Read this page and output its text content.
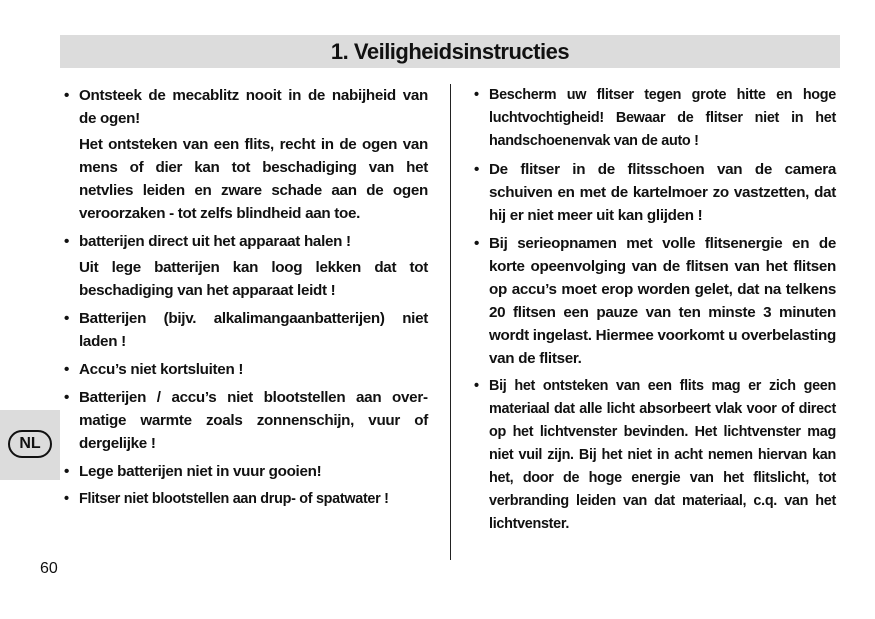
1. Veiligheidsinstructies
• Ontsteek de mecablitz nooit in de nabijheid van de ogen!
Het ontsteken van een flits, recht in de ogen van mens of dier kan tot beschadiging van het netvlies leiden en zware schade aan de ogen veroorzaken - tot zelfs blindheid aan toe.
• batterijen direct uit het apparaat halen !
Uit lege batterijen kan loog lekken dat tot beschadiging van het apparaat leidt !
• Batterijen (bijv. alkalimangaanbatterijen) niet laden !
• Accu’s niet kortsluiten !
• Batterijen / accu’s niet blootstellen aan overmatige warmte zoals zonnenschijn, vuur of dergelijke !
• Lege batterijen niet in vuur gooien!
• Flitser niet blootstellen aan drup- of spatwater !
• Bescherm uw flitser tegen grote hitte en hoge luchtvochtigheid! Bewaar de flitser niet in het handschoenenvak van de auto !
• De flitser in de flitsschoen van de camera schuiven en met de kartelmoer zo vastzetten, dat hij er niet meer uit kan glijden !
• Bij serieopnamen met volle flitsenergie en de korte opeenvolging van de flitsen van het flitsen op accu’s moet erop worden gelet, dat na telkens 20 flitsen een pauze van ten minste 3 minuten wordt ingelast. Hiermee voorkomt u overbelasting van de flitser.
• Bij het ontsteken van een flits mag er zich geen materiaal dat alle licht absorbeert vlak voor of direct op het lichtvenster bevinden. Het lichtvenster mag niet vuil zijn. Bij het niet in acht nemen hiervan kan het, door de hoge energie van het flitslicht, tot verbranding leiden van dat materiaal, c.q. van het lichtvenster.
NL
60
